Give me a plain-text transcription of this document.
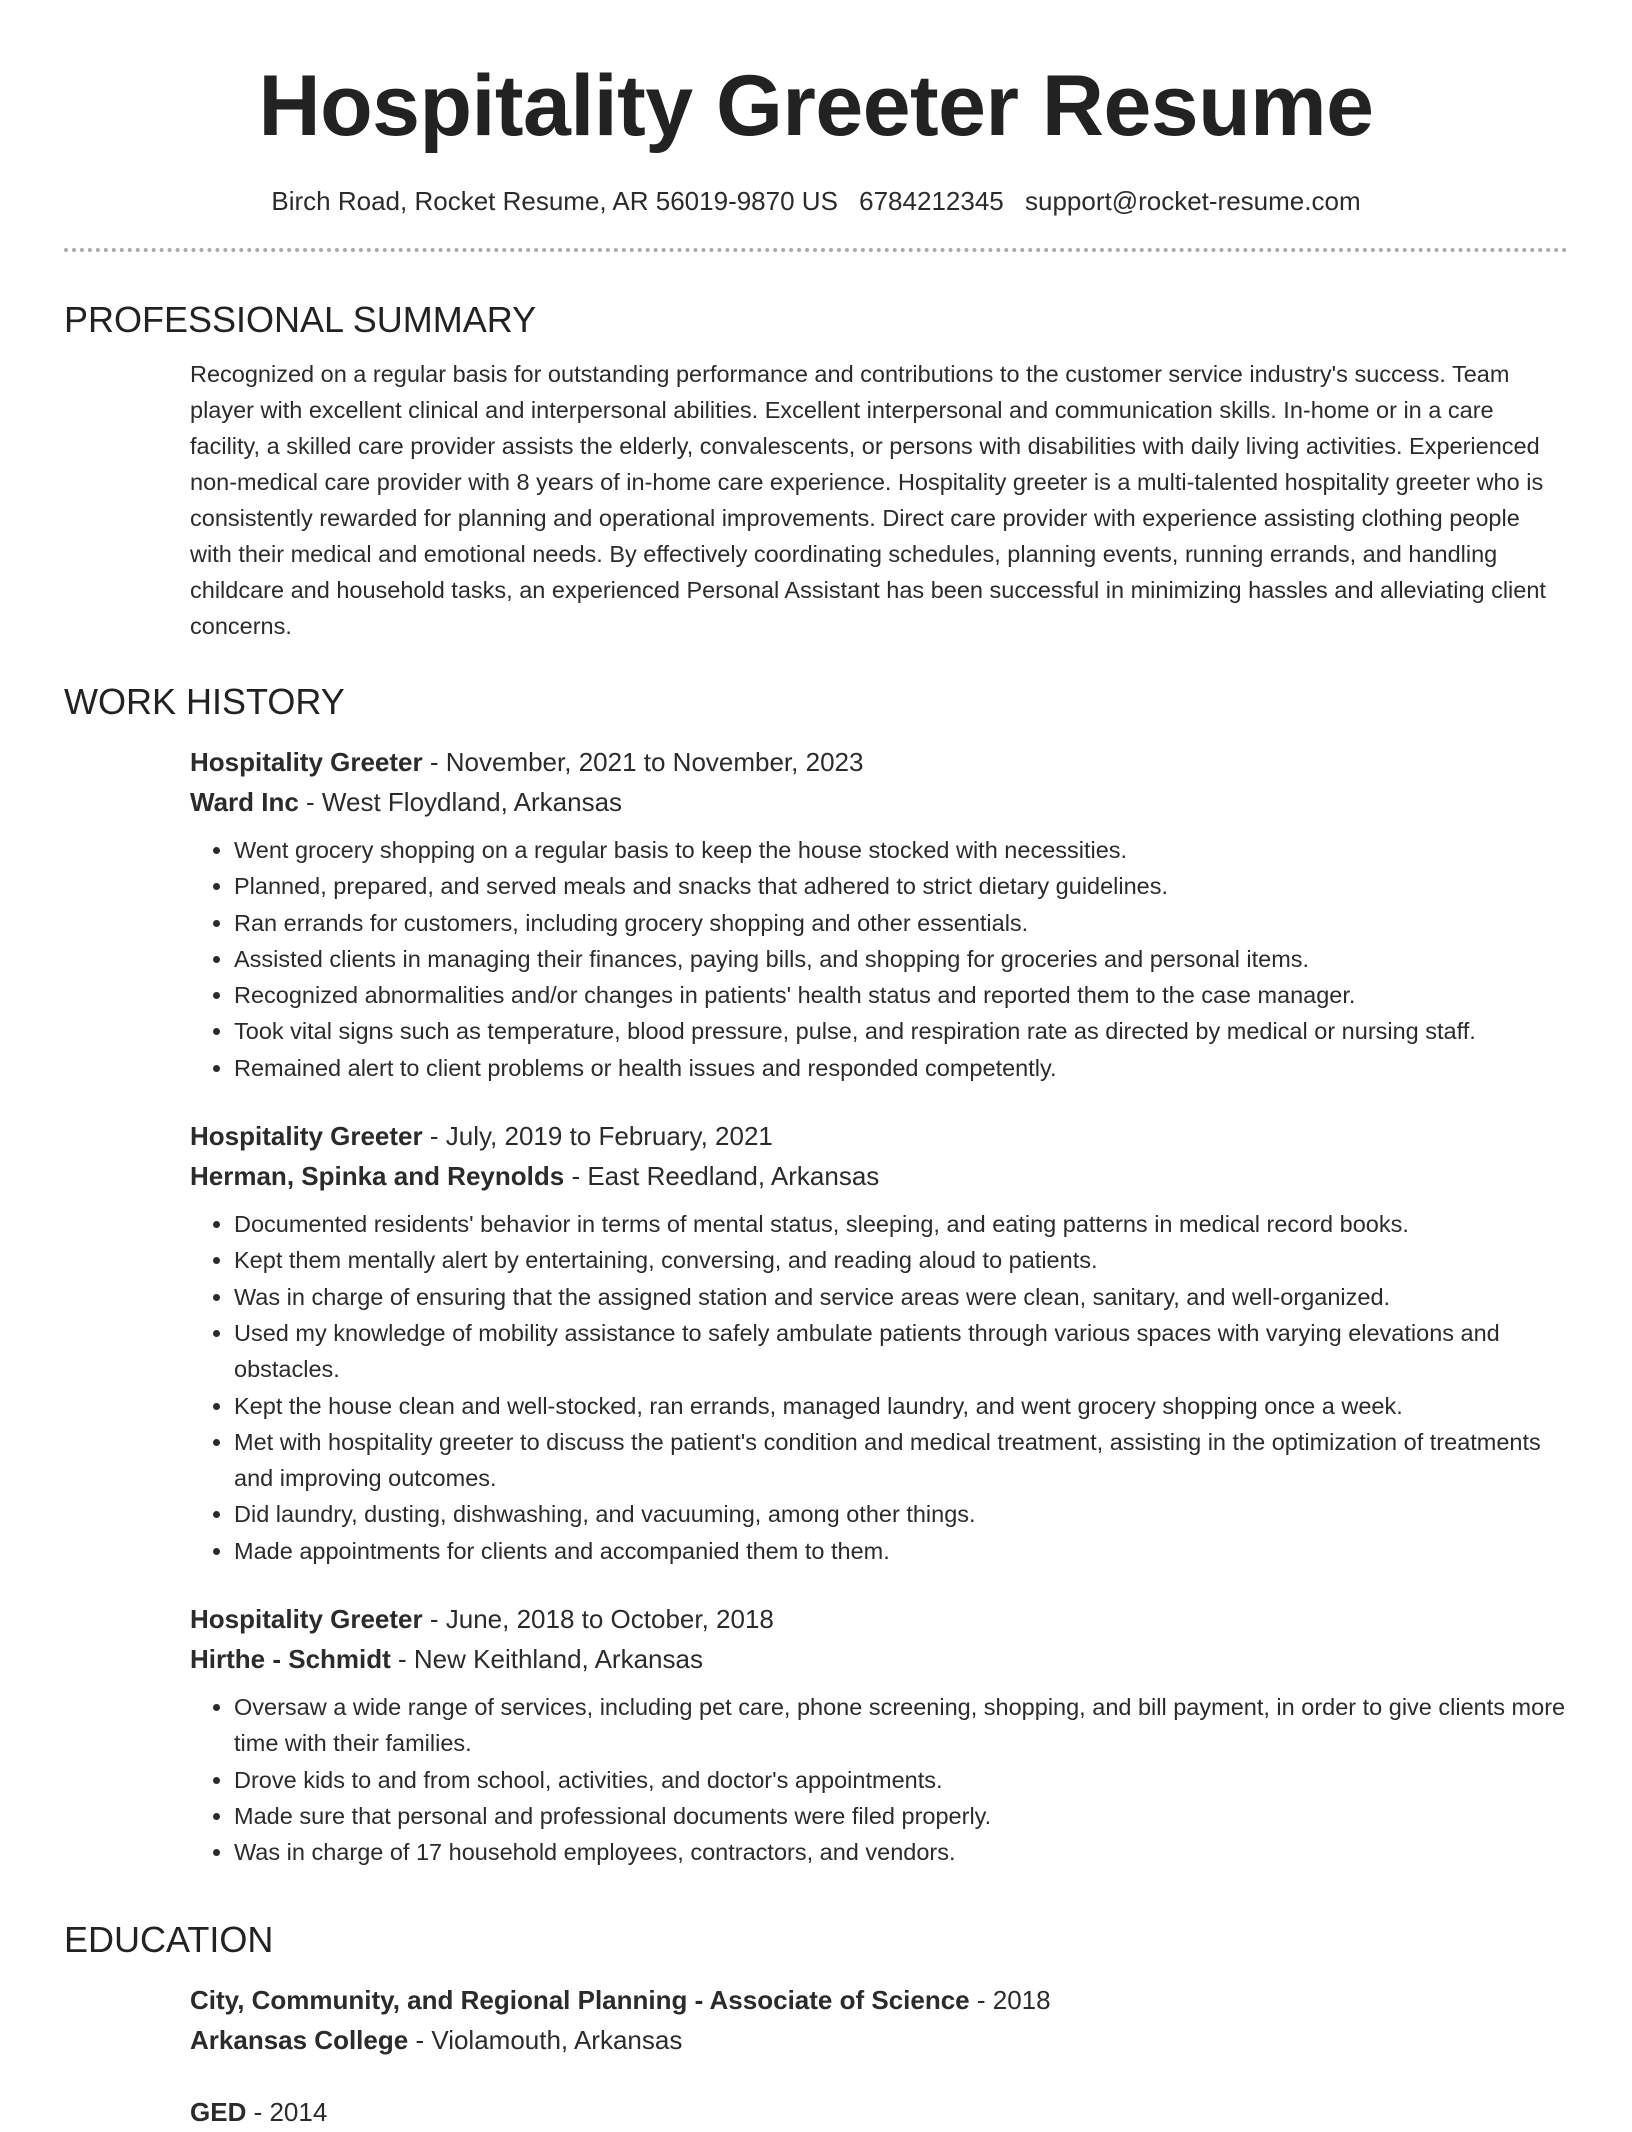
Hospitality Greeter Resume
Birch Road, Rocket Resume, AR 56019-9870 US 6784212345 support@rocket-resume.com
PROFESSIONAL SUMMARY

Recognized on a regular basis for outstanding performance and contributions to the customer service industry's success. Team player with excellent clinical and interpersonal abilities. Excellent interpersonal and communication skills. In-home or in a care facility, a skilled care provider assists the elderly, convalescents, or persons with disabilities with daily living activities. Experienced non-medical care provider with 8 years of in-home care experience. Hospitality greeter is a multi-talented hospitality greeter who is consistently rewarded for planning and operational improvements. Direct care provider with experience assisting clothing people with their medical and emotional needs. By effectively coordinating schedules, planning events, running errands, and handling childcare and household tasks, an experienced Personal Assistant has been successful in minimizing hassles and alleviating client concerns.

WORK HISTORY
Hospitality Greeter - November, 2021 to November, 2023
Ward Inc - West Floydland, Arkansas
• Went grocery shopping on a regular basis to keep the house stocked with necessities.
• Planned, prepared, and served meals and snacks that adhered to strict dietary guidelines.
• Ran errands for customers, including grocery shopping and other essentials.
• Assisted clients in managing their finances, paying bills, and shopping for groceries and personal items.
• Recognized abnormalities and/or changes in patients' health status and reported them to the case manager.
• Took vital signs such as temperature, blood pressure, pulse, and respiration rate as directed by medical or nursing staff.
• Remained alert to client problems or health issues and responded competently.
Hospitality Greeter - July, 2019 to February, 2021
Herman, Spinka and Reynolds - East Reedland, Arkansas
• Documented residents' behavior in terms of mental status, sleeping, and eating patterns in medical record books.
• Kept them mentally alert by entertaining, conversing, and reading aloud to patients.
• Was in charge of ensuring that the assigned station and service areas were clean, sanitary, and well-organized.
• Used my knowledge of mobility assistance to safely ambulate patients through various spaces with varying elevations and obstacles.
• Kept the house clean and well-stocked, ran errands, managed laundry, and went grocery shopping once a week.
• Met with hospitality greeter to discuss the patient's condition and medical treatment, assisting in the optimization of treatments and improving outcomes.
• Did laundry, dusting, dishwashing, and vacuuming, among other things.
• Made appointments for clients and accompanied them to them.
Hospitality Greeter - June, 2018 to October, 2018
Hirthe - Schmidt - New Keithland, Arkansas
• Oversaw a wide range of services, including pet care, phone screening, shopping, and bill payment, in order to give clients more time with their families.
• Drove kids to and from school, activities, and doctor's appointments.
• Made sure that personal and professional documents were filed properly.
• Was in charge of 17 household employees, contractors, and vendors.
EDUCATION
City, Community, and Regional Planning - Associate of Science - 2018
Arkansas College - Violamouth, Arkansas
GED - 2014
